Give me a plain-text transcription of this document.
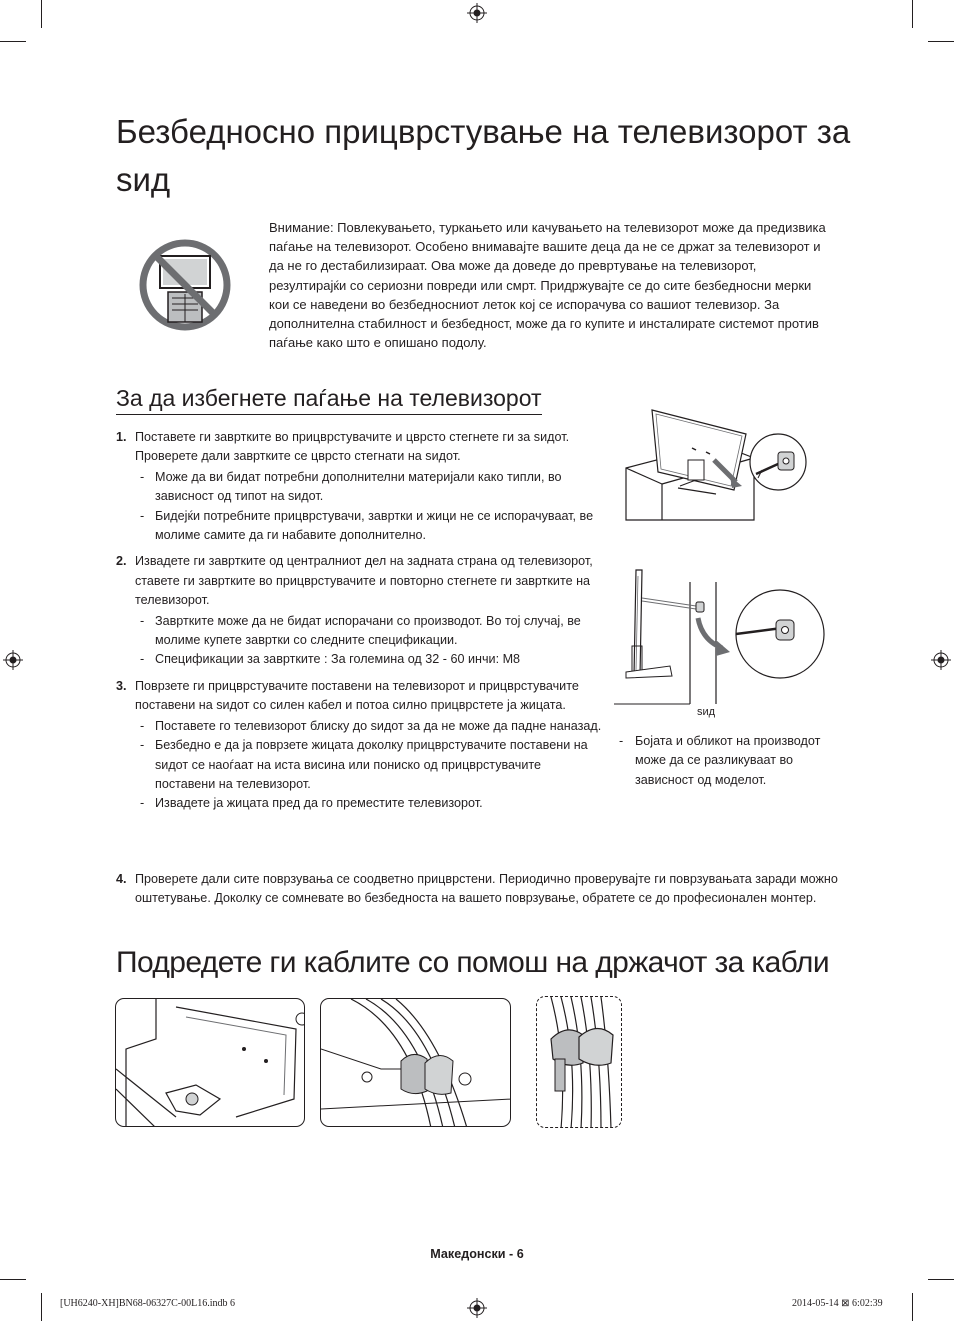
Безбедносно прицврстување на телевизорот за ѕид
Внимание: Повлекувањето, туркањето или качувањето на телевизорот може да предизвика паѓање на телевизорот. Особено внимавајте вашите деца да не се држат за телевизорот и да не го дестабилизираат. Ова може да доведе до превртување на телевизорот, резултирајќи со сериозни повреди или смрт. Придржувајте се до сите безбедносни мерки кои се наведени во безбедносниот леток кој се испорачува со вашиот телевизор. За дополнителна стабилност и безбедност, може да го купите и инсталирате системот против паѓање како што е опишано подолу.
За да избегнете паѓање на телевизорот
1. Поставете ги завртките во прицврстувачите и цврсто стегнете ги за ѕидот. Проверете дали завртките се цврсто стегнати на ѕидот.
- Може да ви бидат потребни дополнителни материјали како типли, во зависност од типот на ѕидот.
- Бидејќи потребните прицврстувачи, завртки и жици не се испорачуваат, ве молиме самите да ги набавите дополнително.
2. Извадете ги завртките од централниот дел на задната страна од телевизорот, ставете ги завртките во прицврстувачите и повторно стегнете ги завртките на телевизорот.
- Завртките може да не бидат испорачани со производот. Во тој случај, ве молиме купете завртки со следните спецификации.
- Спецификации за завртките : За големина од 32 - 60 инчи: M8
3. Поврзете ги прицврстувачите поставени на телевизорот и прицврстувачите поставени на ѕидот со силен кабел и потоа силно прицврстете ја жицата.
- Поставете го телевизорот блиску до ѕидот за да не може да падне наназад.
- Безбедно е да ја поврзете жицата доколку прицврстувачите поставени на ѕидот се наоѓаат на иста висина или пониско од прицврстувачите поставени на телевизорот.
- Извадете ја жицата пред да го преместите телевизорот.
4. Проверете дали сите поврзувања се соодветно прицврстени. Периодично проверувајте ги поврзувањата заради можно оштетување. Доколку се сомневате во безбедноста на вашето поврзување, обратете се до професионален монтер.
ѕид
- Бојата и обликот на производот може да се разликуваат во зависност од моделот.
Подредете ги каблите со помош на држачот за кабли
Македонски - 6
[UH6240-XH]BN68-06327C-00L16.indb 6	2014-05-14 ⊠ 6:02:39
